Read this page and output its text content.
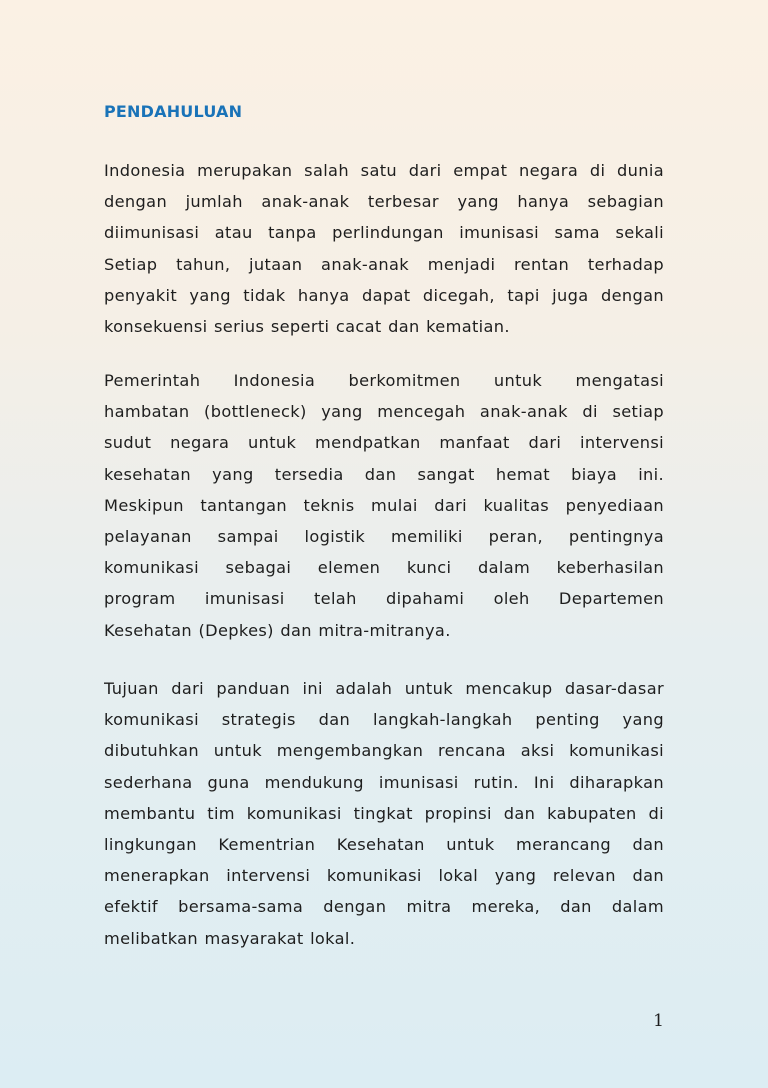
PENDAHULUAN

Indonesia merupakan salah satu dari empat negara di dunia
dengan jumlah anak-anak terbesar yang hanya sebagian
diimunisasi atau tanpa perlindungan imunisasi sama sekali
Setiap tahun, jutaan anak-anak menjadi rentan terhadap
penyakit yang tidak hanya dapat dicegah, tapi juga dengan
konsekuensi serius seperti cacat dan kematian.

Pemerintah Indonesia berkomitmen untuk mengatasi
hambatan (bottleneck) yang mencegah anak-anak di setiap
sudut negara untuk mendpatkan manfaat dari intervensi
kesehatan yang tersedia dan sangat hemat biaya ini.
Meskipun tantangan teknis mulai dari kualitas penyediaan
pelayanan sampai logistik memiliki peran, pentingnya
komunikasi sebagai elemen kunci dalam keberhasilan
program imunisasi telah dipahami oleh Departemen
Kesehatan (Depkes) dan mitra-mitranya.

Tujuan dari panduan ini adalah untuk mencakup dasar-dasar
komunikasi strategis dan langkah-langkah penting yang
dibutuhkan untuk mengembangkan rencana aksi komunikasi
sederhana guna mendukung imunisasi rutin. Ini diharapkan
membantu tim komunikasi tingkat propinsi dan kabupaten di
lingkungan Kementrian Kesehatan untuk merancang dan
menerapkan intervensi komunikasi lokal yang relevan dan
efektif bersama-sama dengan mitra mereka, dan dalam
melibatkan masyarakat lokal.

1
